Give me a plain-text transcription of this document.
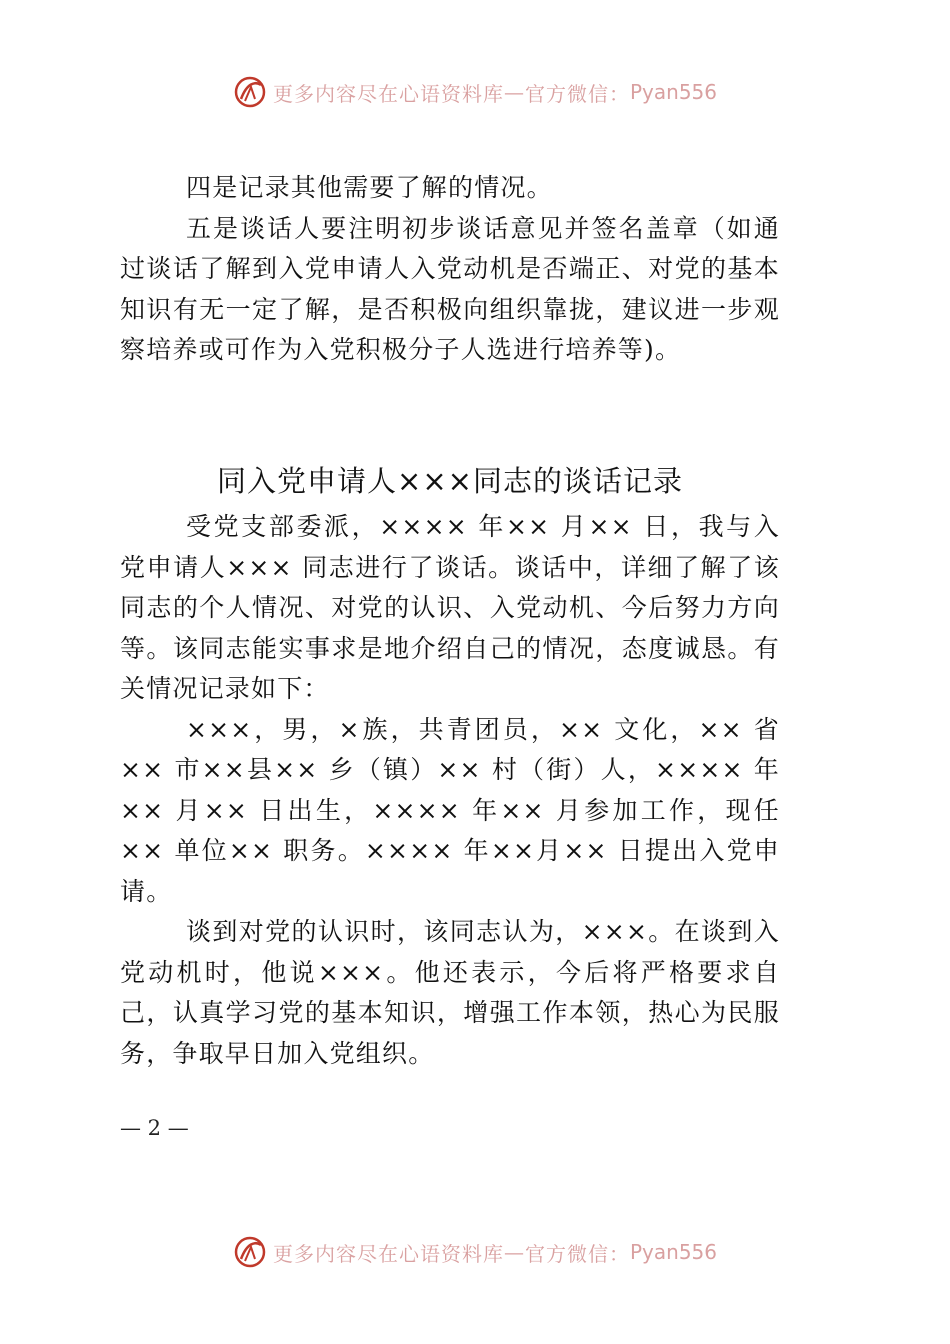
更多内容尽在心语资料库 — 官方微信： Pyan556

四是记录其他需要了解的情况。

五是谈话人要注明初步谈话意见并签名盖章（如通过谈话了解到入党申请人入党动机是否端正、对党的基本 知识有无一定了解，是否积极向组织靠拢，建议进一步观 察培养或可作为入党积极分子人选进行培养等)。

同入党申请人×××同志的谈话记录

受党支部委派，×××× 年×× 月×× 日，我与入党申请人××× 同志进行了谈话。谈话中，详细了解了该同志的个人情况、对党的认识、入党动机、今后努力方向等。该同志能实事求是地介绍自己的情况，态度诚恳。有关情况记录如下：

×××，男，×族，共青团员，×× 文化，×× 省×× 市××县×× 乡（镇）×× 村（街）人，×××× 年×× 月×× 日出生，×××× 年×× 月参加工作，现任×× 单位×× 职务。×××× 年××月×× 日提出入党申请。

谈到对党的认识时，该同志认为，×××。在谈到入党动机时，他说×××。他还表示，今后将严格要求自己，认真学习党的基本知识，增强工作本领，热心为民服务，争取早日加入党组织。

— 2 —
更多内容尽在心语资料库 — 官方微信： Pyan556
